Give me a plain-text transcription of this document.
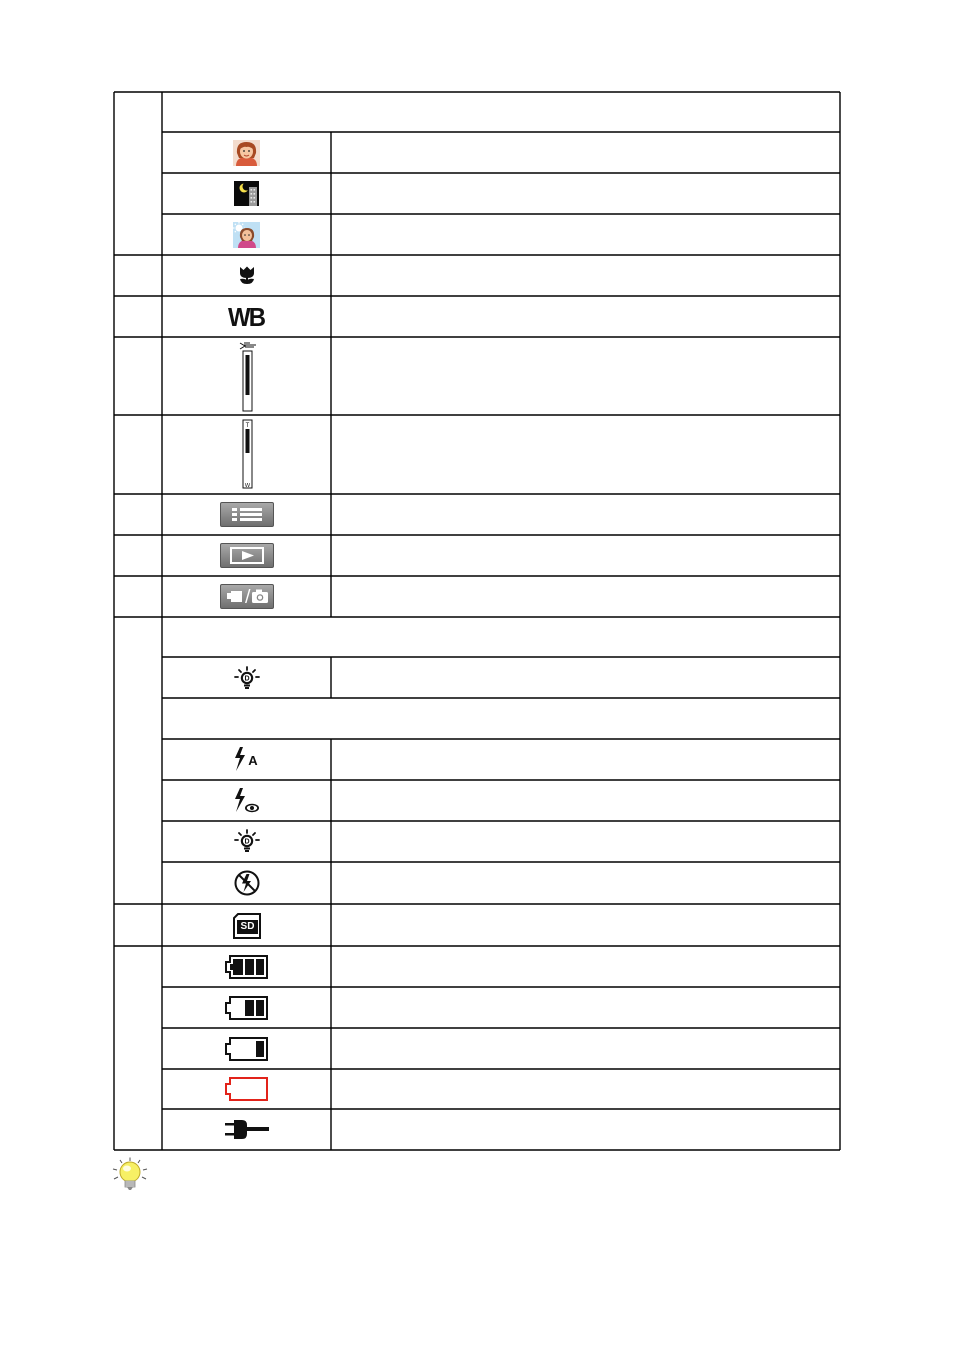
WB
T
W
D
A
D
SD
